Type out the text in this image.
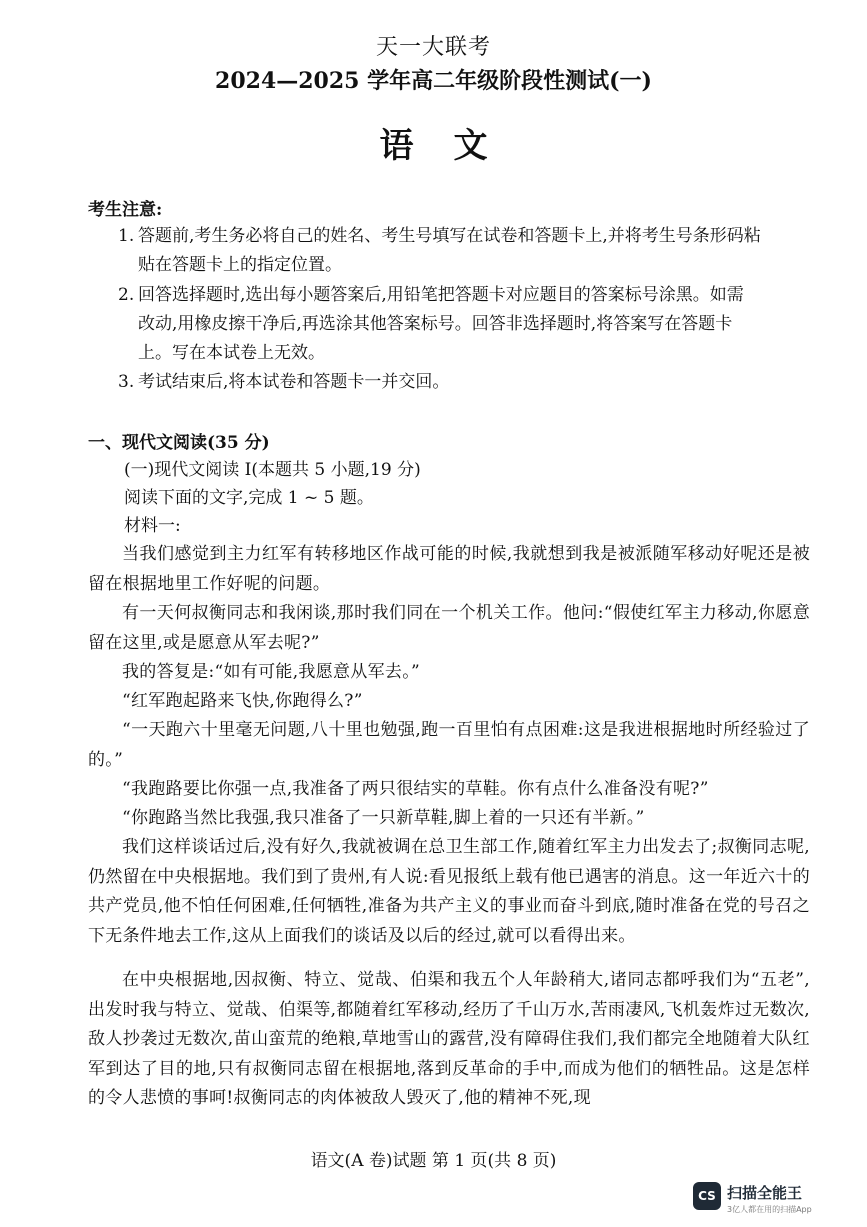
天一大联考
2024—2025 学年高二年级阶段性测试(一)
语文
考生注意:
1. 答题前,考生务必将自己的姓名、考生号填写在试卷和答题卡上,并将考生号条形码粘
贴在答题卡上的指定位置。
2. 回答选择题时,选出每小题答案后,用铅笔把答题卡对应题目的答案标号涂黑。如需
改动,用橡皮擦干净后,再选涂其他答案标号。回答非选择题时,将答案写在答题卡
上。写在本试卷上无效。
3. 考试结束后,将本试卷和答题卡一并交回。
一、现代文阅读(35 分)
(一)现代文阅读 I(本题共 5 小题,19 分)
阅读下面的文字,完成 1 ~ 5 题。
材料一:
当我们感觉到主力红军有转移地区作战可能的时候,我就想到我是被派随军移动好呢还是被留在根据地里工作好呢的问题。
有一天何叔衡同志和我闲谈,那时我们同在一个机关工作。他问:“假使红军主力移动,你愿意留在这里,或是愿意从军去呢?”
我的答复是:“如有可能,我愿意从军去。”
“红军跑起路来飞快,你跑得么?”
“一天跑六十里毫无问题,八十里也勉强,跑一百里怕有点困难:这是我进根据地时所经验过了的。”
“我跑路要比你强一点,我准备了两只很结实的草鞋。你有点什么准备没有呢?”
“你跑路当然比我强,我只准备了一只新草鞋,脚上着的一只还有半新。”
我们这样谈话过后,没有好久,我就被调在总卫生部工作,随着红军主力出发去了;叔衡同志呢,仍然留在中央根据地。我们到了贵州,有人说:看见报纸上载有他已遇害的消息。这一年近六十的共产党员,他不怕任何困难,任何牺牲,准备为共产主义的事业而奋斗到底,随时准备在党的号召之下无条件地去工作,这从上面我们的谈话及以后的经过,就可以看得出来。
在中央根据地,因叔衡、特立、觉哉、伯渠和我五个人年龄稍大,诸同志都呼我们为“五老”,出发时我与特立、觉哉、伯渠等,都随着红军移动,经历了千山万水,苦雨凄风,飞机轰炸过无数次,敌人抄袭过无数次,苗山蛮荒的绝粮,草地雪山的露营,没有障碍住我们,我们都完全地随着大队红军到达了目的地,只有叔衡同志留在根据地,落到反革命的手中,而成为他们的牺牲品。这是怎样的令人悲愤的事呵!叔衡同志的肉体被敌人毁灭了,他的精神不死,现
语文(A 卷)试题 第 1 页(共 8 页)
CS 扫描全能王
3亿人都在用的扫描App
